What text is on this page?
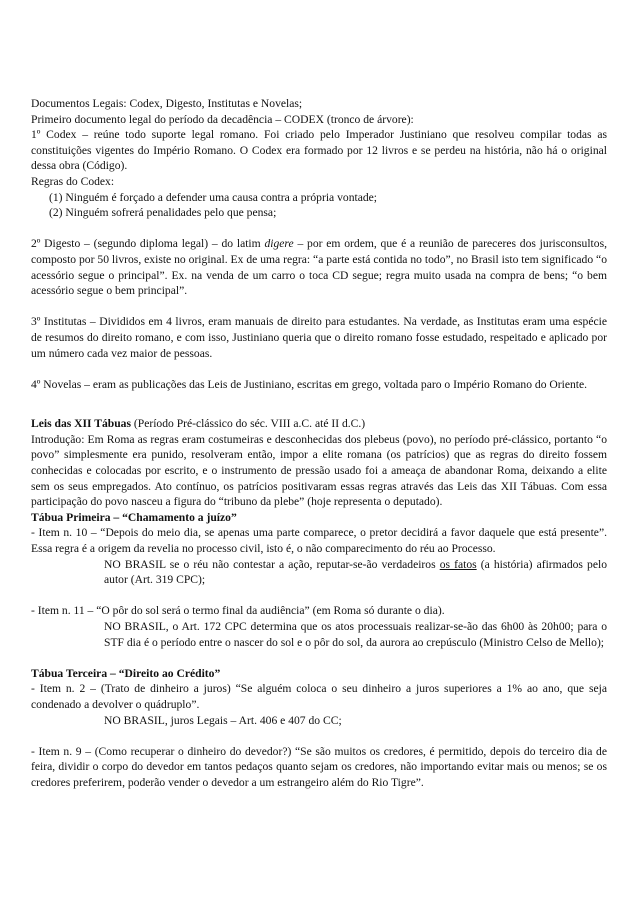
Documentos Legais: Codex, Digesto, Institutas e Novelas;

Primeiro documento legal do período da decadência – CODEX (tronco de árvore):

1º Codex – reúne todo suporte legal romano. Foi criado pelo Imperador Justiniano que resolveu compilar todas as constituições vigentes do Império Romano. O Codex era formado por 12 livros e se perdeu na história, não há o original dessa obra (Código).

Regras do Codex:

(1) Ninguém é forçado a defender uma causa contra a própria vontade;

(2) Ninguém sofrerá penalidades pelo que pensa;

2º Digesto – (segundo diploma legal) – do latim digere – por em ordem, que é a reunião de pareceres dos jurisconsultos, composto por 50 livros, existe no original. Ex de uma regra: “a parte está contida no todo”, no Brasil isto tem significado “o acessório segue o principal”. Ex. na venda de um carro o toca CD segue; regra muito usada na compra de bens; “o bem acessório segue o bem principal”.

3º Institutas – Divididos em 4 livros, eram manuais de direito para estudantes. Na verdade, as Institutas eram uma espécie de resumos do direito romano, e com isso, Justiniano queria que o direito romano fosse estudado, respeitado e aplicado por um número cada vez maior de pessoas.

4º Novelas – eram as publicações das Leis de Justiniano, escritas em grego, voltada paro o Império Romano do Oriente.

Leis das XII Tábuas (Período Pré-clássico do séc. VIII a.C. até II d.C.)

Introdução: Em Roma as regras eram costumeiras e desconhecidas dos plebeus (povo), no período pré-clássico, portanto “o povo” simplesmente era punido, resolveram então, impor a elite romana (os patrícios) que as regras do direito fossem conhecidas e colocadas por escrito, e o instrumento de pressão usado foi a ameaça de abandonar Roma, deixando a elite sem os seus empregados. Ato contínuo, os patrícios positivaram essas regras através das Leis das XII Tábuas. Com essa participação do povo nasceu a figura do “tribuno da plebe” (hoje representa o deputado).

Tábua Primeira – “Chamamento a juízo”

- Item n. 10 – “Depois do meio dia, se apenas uma parte comparece, o pretor decidirá a favor daquele que está presente”. Essa regra é a origem da revelia no processo civil, isto é, o não comparecimento do réu ao Processo.

NO BRASIL se o réu não contestar a ação, reputar-se-ão verdadeiros os fatos (a história) afirmados pelo autor (Art. 319 CPC);

- Item n. 11 – “O pôr do sol será o termo final da audiência” (em Roma só durante o dia).

NO BRASIL, o Art. 172 CPC determina que os atos processuais realizar-se-ão das 6h00 às 20h00; para o STF dia é o período entre o nascer do sol e o pôr do sol, da aurora ao crepúsculo (Ministro Celso de Mello);

Tábua Terceira – “Direito ao Crédito”

- Item n. 2 – (Trato de dinheiro a juros) “Se alguém coloca o seu dinheiro a juros superiores a 1% ao ano, que seja condenado a devolver o quádruplo”.

NO BRASIL, juros Legais – Art. 406 e 407 do CC;

- Item n. 9 – (Como recuperar o dinheiro do devedor?) “Se são muitos os credores, é permitido, depois do terceiro dia de feira, dividir o corpo do devedor em tantos pedaços quanto sejam os credores, não importando evitar mais ou menos; se os credores preferirem, poderão vender o devedor a um estrangeiro além do Rio Tigre”.
